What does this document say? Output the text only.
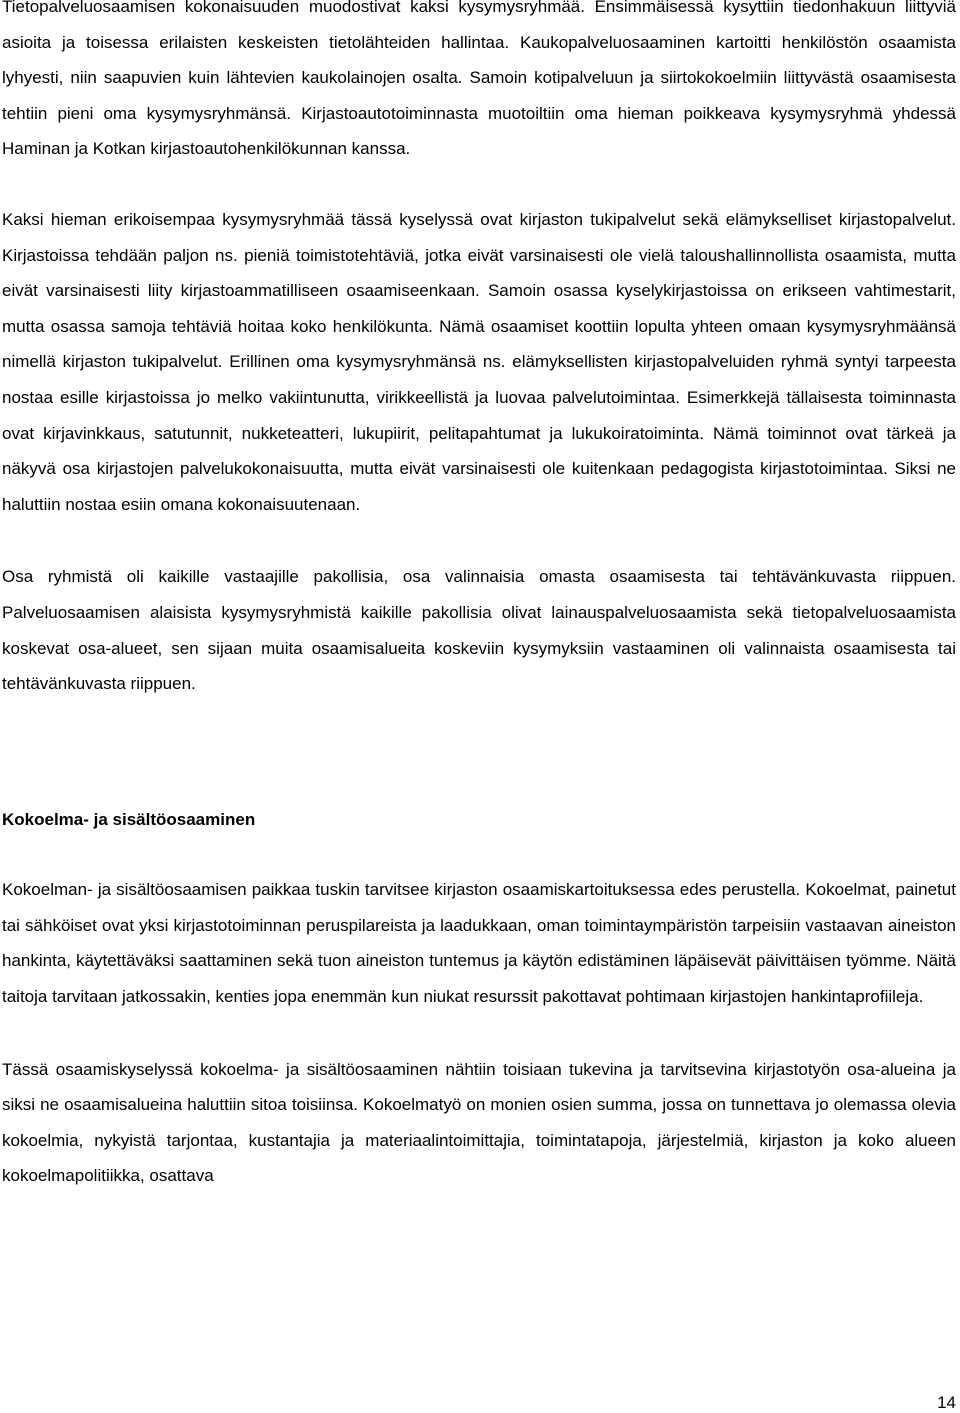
Tietopalveluosaamisen kokonaisuuden muodostivat kaksi kysymysryhmää. Ensimmäisessä kysyttiin tiedonhakuun liittyviä asioita ja toisessa erilaisten keskeisten tietolähteiden hallintaa. Kaukopalveluosaaminen kartoitti henkilöstön osaamista lyhyesti, niin saapuvien kuin lähtevien kaukolainojen osalta. Samoin kotipalveluun ja siirtokokoelmiin liittyvästä osaamisesta tehtiin pieni oma kysymysryhmänsä. Kirjastoautotoiminnasta muotoiltiin oma hieman poikkeava kysymysryhmä yhdessä Haminan ja Kotkan kirjastoautohenkilökunnan kanssa.

Kaksi hieman erikoisempaa kysymysryhmää tässä kyselyssä ovat kirjaston tukipalvelut sekä elämykselliset kirjastopalvelut. Kirjastoissa tehdään paljon ns. pieniä toimistotehtäviä, jotka eivät varsinaisesti ole vielä taloushallinnollista osaamista, mutta eivät varsinaisesti liity kirjastoammatilliseen osaamiseenkaan. Samoin osassa kyselykirjastoissa on erikseen vahtimestarit, mutta osassa samoja tehtäviä hoitaa koko henkilökunta. Nämä osaamiset koottiin lopulta yhteen omaan kysymysryhmäänsä nimellä kirjaston tukipalvelut. Erillinen oma kysymysryhmänsä ns. elämyksellisten kirjastopalveluiden ryhmä syntyi tarpeesta nostaa esille kirjastoissa jo melko vakiintunutta, virikkeellistä ja luovaa palvelutoimintaa. Esimerkkejä tällaisesta toiminnasta ovat kirjavinkkaus, satutunnit, nukketeatteri, lukupiirit, pelitapahtumat ja lukukoiratoiminta. Nämä toiminnot ovat tärkeä ja näkyvä osa kirjastojen palvelukokonaisuutta, mutta eivät varsinaisesti ole kuitenkaan pedagogista kirjastotoimintaa. Siksi ne haluttiin nostaa esiin omana kokonaisuutenaan.

Osa ryhmistä oli kaikille vastaajille pakollisia, osa valinnaisia omasta osaamisesta tai tehtävänkuvasta riippuen. Palveluosaamisen alaisista kysymysryhmistä kaikille pakollisia olivat lainauspalveluosaamista sekä tietopalveluosaamista koskevat osa-alueet, sen sijaan muita osaamisalueita koskeviin kysymyksiin vastaaminen oli valinnaista osaamisesta tai tehtävänkuvasta riippuen.

Kokoelma- ja sisältöosaaminen

Kokoelman- ja sisältöosaamisen paikkaa tuskin tarvitsee kirjaston osaamiskartoituksessa edes perustella. Kokoelmat, painetut tai sähköiset ovat yksi kirjastotoiminnan peruspilareista ja laadukkaan, oman toimintaympäristön tarpeisiin vastaavan aineiston hankinta, käytettäväksi saattaminen sekä tuon aineiston tuntemus ja käytön edistäminen läpäisevät päivittäisen työmme. Näitä taitoja tarvitaan jatkossakin, kenties jopa enemmän kun niukat resurssit pakottavat pohtimaan kirjastojen hankintaprofiileja.

Tässä osaamiskyselyssä kokoelma- ja sisältöosaaminen nähtiin toisiaan tukevina ja tarvitsevina kirjastotyön osa-alueina ja siksi ne osaamisalueina haluttiin sitoa toisiinsa. Kokoelmatyö on monien osien summa, jossa on tunnettava jo olemassa olevia kokoelmia, nykyistä tarjontaa, kustantajia ja materiaalintoimittajia, toimintatapoja, järjestelmiä, kirjaston ja koko alueen kokoelmapolitiikka, osattava

14
